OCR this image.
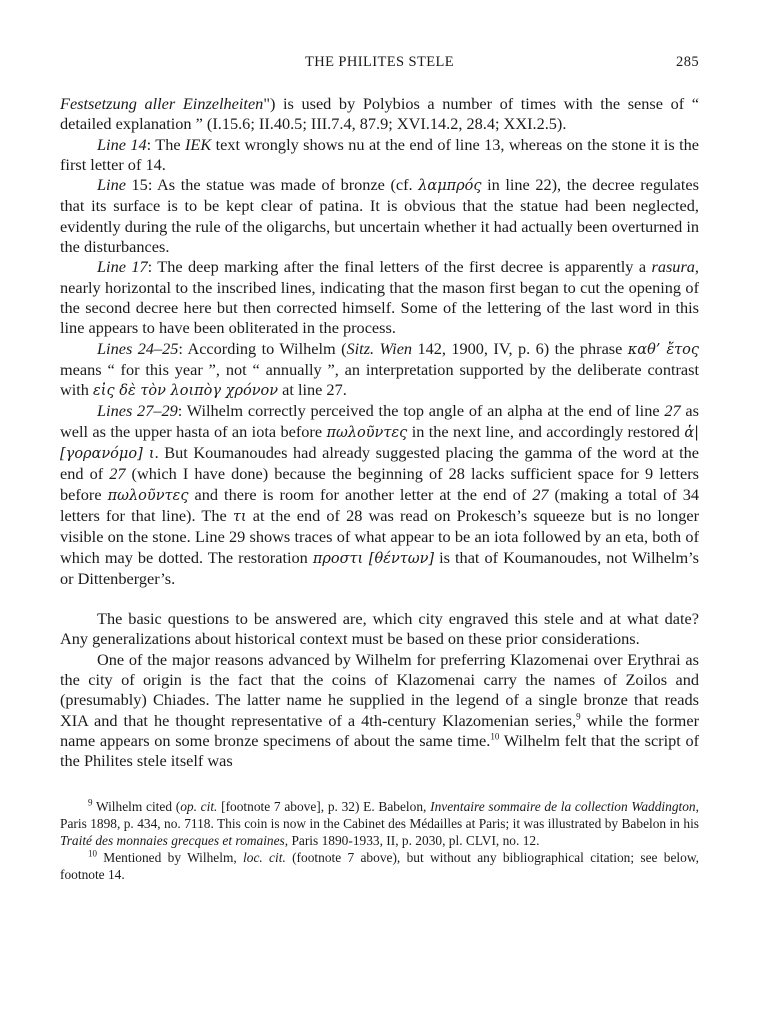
THE PHILITES STELE	285

Festsetzung aller Einzelheiten") is used by Polybios a number of times with the sense of “ detailed explanation ” (I.15.6; II.40.5; III.7.4, 87.9; XVI.14.2, 28.4; XXI.2.5).

Line 14: The IEK text wrongly shows nu at the end of line 13, whereas on the stone it is the first letter of 14.

Line 15: As the statue was made of bronze (cf. λαμπρός in line 22), the decree regulates that its surface is to be kept clear of patina. It is obvious that the statue had been neglected, evidently during the rule of the oligarchs, but uncertain whether it had actually been overturned in the disturbances.

Line 17: The deep marking after the final letters of the first decree is apparently a rasura, nearly horizontal to the inscribed lines, indicating that the mason first began to cut the opening of the second decree here but then corrected himself. Some of the lettering of the last word in this line appears to have been obliterated in the process.

Lines 24–25: According to Wilhelm (Sitz. Wien 142, 1900, IV, p. 6) the phrase καθ’ ἔτος means “ for this year ”, not “ annually ”, an interpretation supported by the deliberate contrast with εἰς δὲ τὸν λοιπὸγ χρόνον at line 27.

Lines 27–29: Wilhelm correctly perceived the top angle of an alpha at the end of line 27 as well as the upper hasta of an iota before πωλοῦντες in the next line, and accordingly restored ἁ| [γορανόμο] ι. But Koumanoudes had already suggested placing the gamma of the word at the end of 27 (which I have done) because the beginning of 28 lacks sufficient space for 9 letters before πωλοῦντες and there is room for another letter at the end of 27 (making a total of 34 letters for that line). The τι at the end of 28 was read on Prokesch’s squeeze but is no longer visible on the stone. Line 29 shows traces of what appear to be an iota followed by an eta, both of which may be dotted. The restoration προστι [θέντων] is that of Koumanoudes, not Wilhelm’s or Dittenberger’s.

The basic questions to be answered are, which city engraved this stele and at what date? Any generalizations about historical context must be based on these prior considerations.

One of the major reasons advanced by Wilhelm for preferring Klazomenai over Erythrai as the city of origin is the fact that the coins of Klazomenai carry the names of Zoilos and (presumably) Chiades. The latter name he supplied in the legend of a single bronze that reads XIA and that he thought representative of a 4th-century Klazomenian series,$^9$ while the former name appears on some bronze specimens of about the same time.$^{10}$ Wilhelm felt that the script of the Philites stele itself was

$^9$ Wilhelm cited (op. cit. [footnote 7 above], p. 32) E. Babelon, Inventaire sommaire de la collection Waddington, Paris 1898, p. 434, no. 7118. This coin is now in the Cabinet des Médailles at Paris; it was illustrated by Babelon in his Traité des monnaies grecques et romaines, Paris 1890-1933, II, p. 2030, pl. CLVI, no. 12.

$^{10}$ Mentioned by Wilhelm, loc. cit. (footnote 7 above), but without any bibliographical citation; see below, footnote 14.
